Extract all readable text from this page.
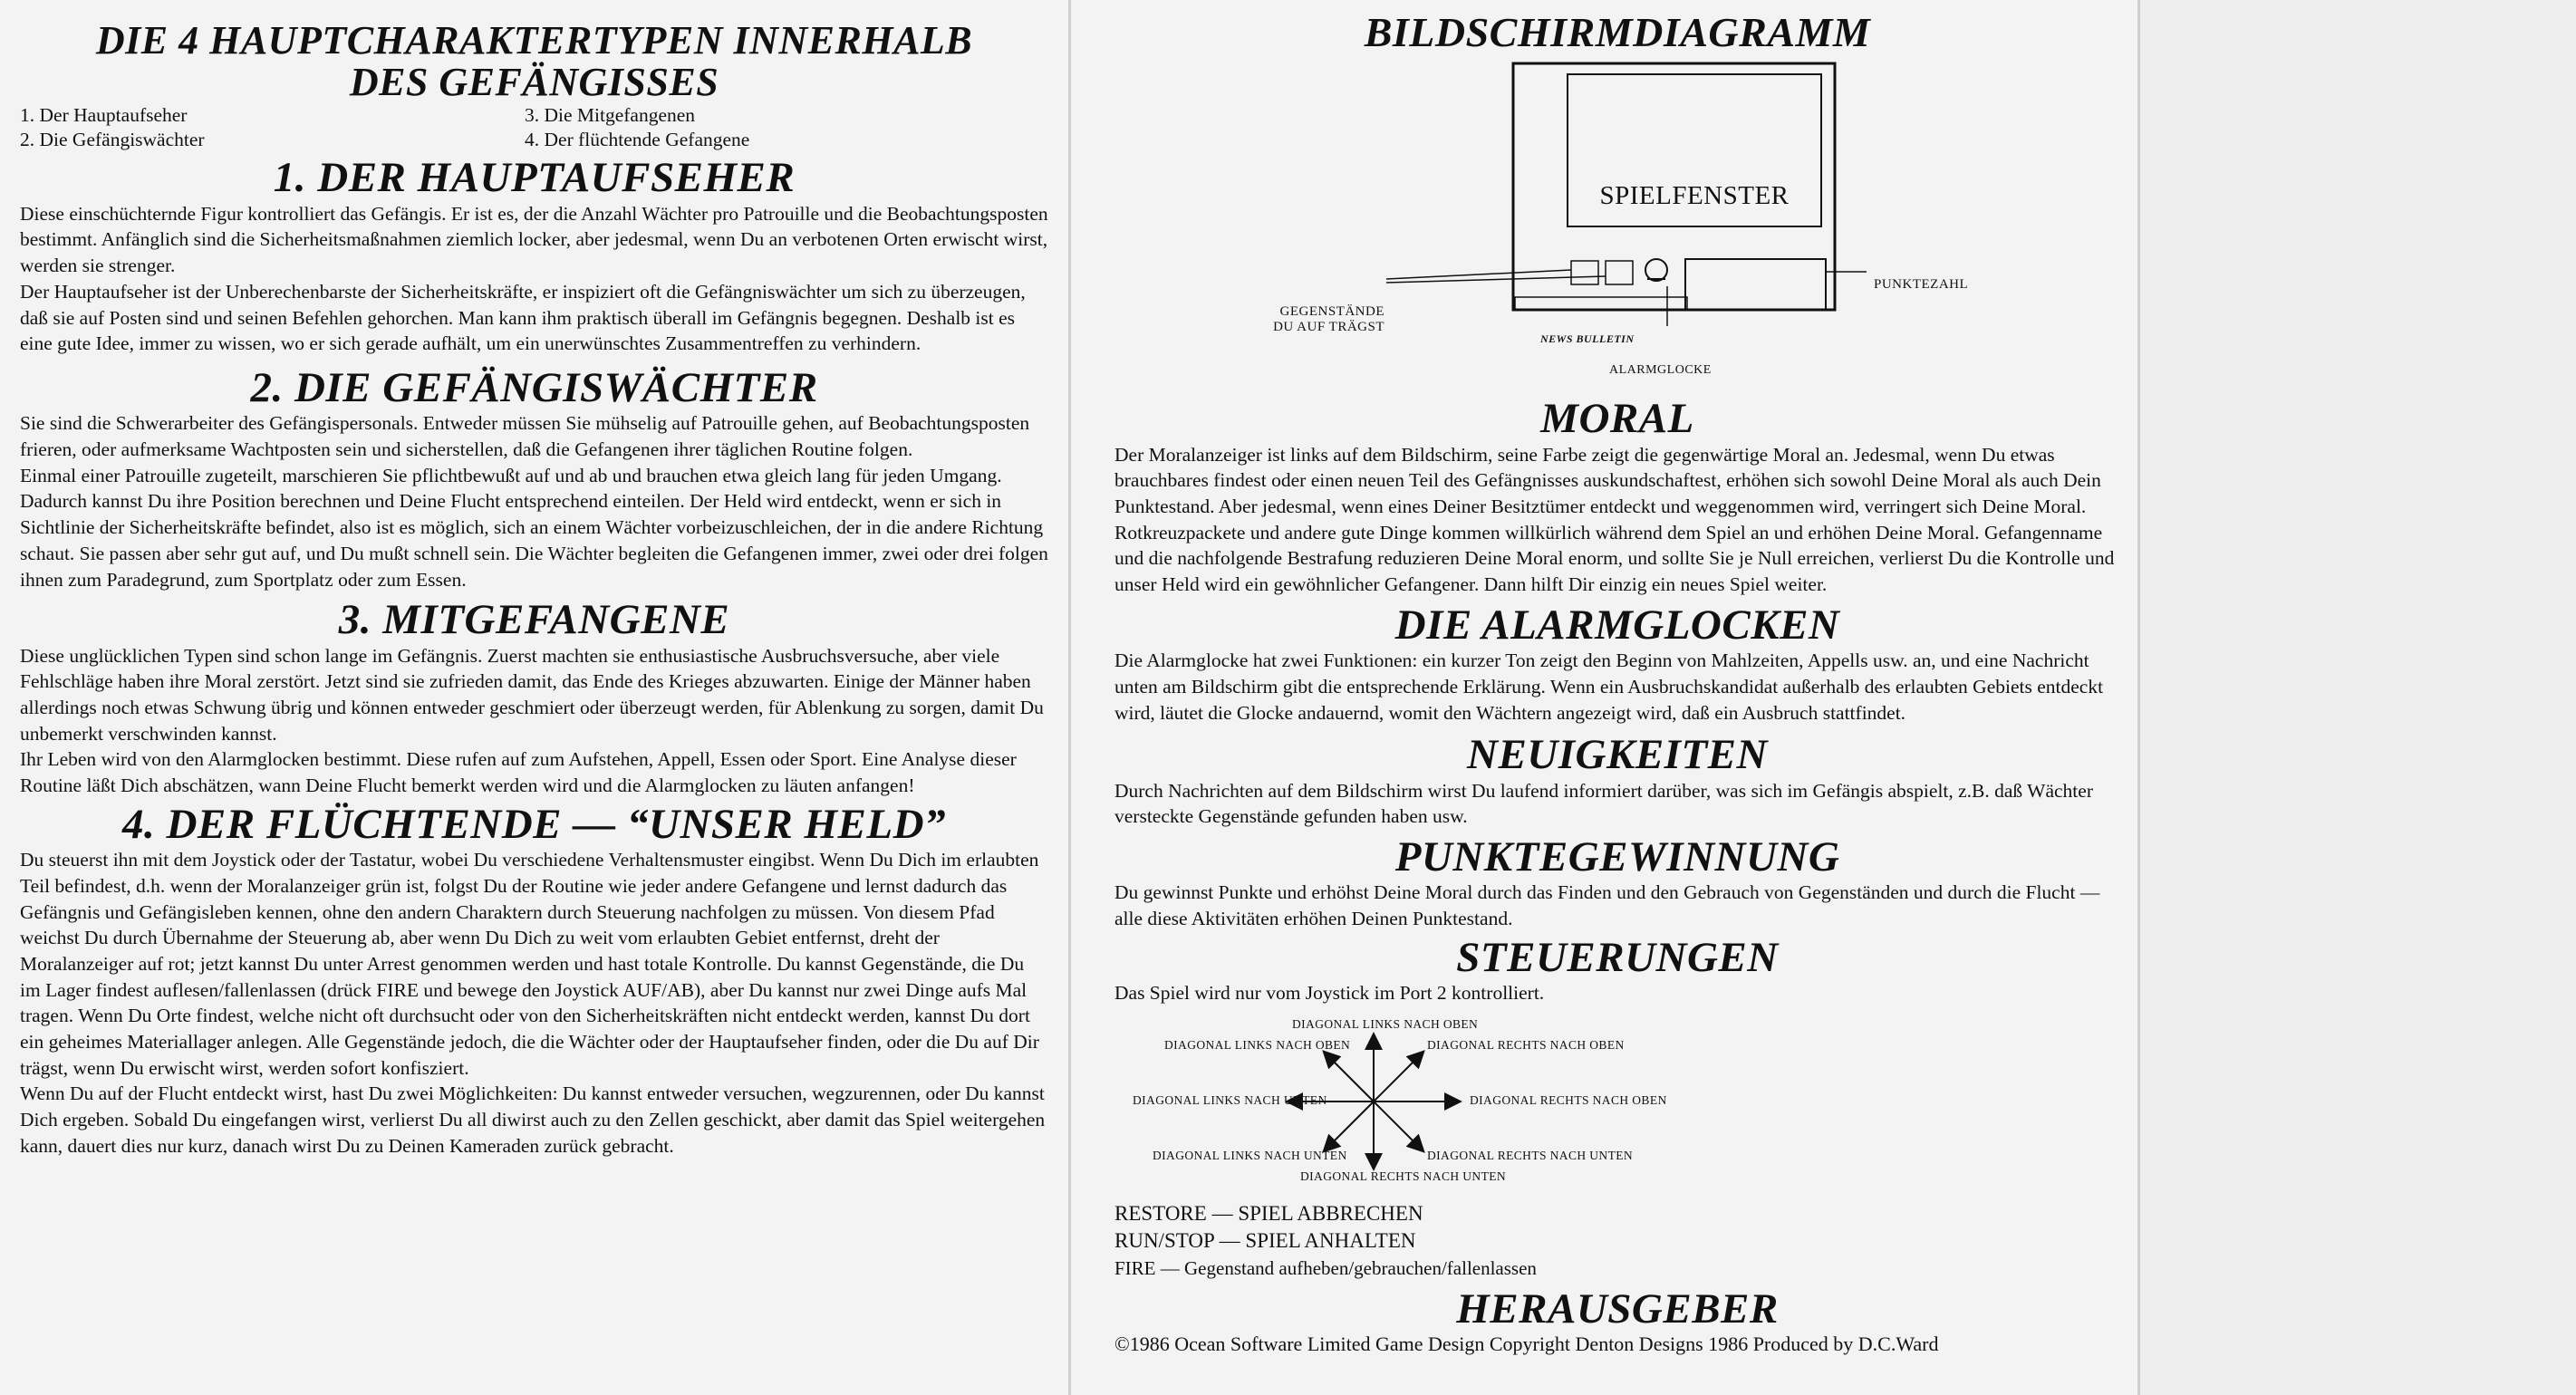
DIE 4 HAUPTCHARAKTERTYPEN INNERHALB
DES GEFÄNGISSES
1. Der Hauptaufseher	3. Die Mitgefangenen
2. Die Gefängiswächter	4. Der flüchtende Gefangene
1. DER HAUPTAUFSEHER

Diese einschüchternde Figur kontrolliert das Gefängis. Er ist es, der die Anzahl Wächter pro Patrouille und die Beobachtungsposten bestimmt. Anfänglich sind die Sicherheitsmaßnahmen ziemlich locker, aber jedesmal, wenn Du an verbotenen Orten erwischt wirst, werden sie strenger.

Der Hauptaufseher ist der Unberechenbarste der Sicherheitskräfte, er inspiziert oft die Gefängniswächter um sich zu überzeugen, daß sie auf Posten sind und seinen Befehlen gehorchen. Man kann ihm praktisch überall im Gefängnis begegnen. Deshalb ist es eine gute Idee, immer zu wissen, wo er sich gerade aufhält, um ein unerwünschtes Zusammentreffen zu verhindern.

2. DIE GEFÄNGISWÄCHTER

Sie sind die Schwerarbeiter des Gefängispersonals. Entweder müssen Sie mühselig auf Patrouille gehen, auf Beobachtungsposten frieren, oder aufmerksame Wachtposten sein und sicherstellen, daß die Gefangenen ihrer täglichen Routine folgen.

Einmal einer Patrouille zugeteilt, marschieren Sie pflichtbewußt auf und ab und brauchen etwa gleich lang für jeden Umgang. Dadurch kannst Du ihre Position berechnen und Deine Flucht entsprechend einteilen. Der Held wird entdeckt, wenn er sich in Sichtlinie der Sicherheitskräfte befindet, also ist es möglich, sich an einem Wächter vorbeizuschleichen, der in die andere Richtung schaut. Sie passen aber sehr gut auf, und Du mußt schnell sein. Die Wächter begleiten die Gefangenen immer, zwei oder drei folgen ihnen zum Paradegrund, zum Sportplatz oder zum Essen.

3. MITGEFANGENE

Diese unglücklichen Typen sind schon lange im Gefängnis. Zuerst machten sie enthusiastische Ausbruchsversuche, aber viele Fehlschläge haben ihre Moral zerstört. Jetzt sind sie zufrieden damit, das Ende des Krieges abzuwarten. Einige der Männer haben allerdings noch etwas Schwung übrig und können entweder geschmiert oder überzeugt werden, für Ablenkung zu sorgen, damit Du unbemerkt verschwinden kannst.

Ihr Leben wird von den Alarmglocken bestimmt. Diese rufen auf zum Aufstehen, Appell, Essen oder Sport. Eine Analyse dieser Routine läßt Dich abschätzen, wann Deine Flucht bemerkt werden wird und die Alarmglocken zu läuten anfangen!

4. DER FLÜCHTENDE — “UNSER HELD”

Du steuerst ihn mit dem Joystick oder der Tastatur, wobei Du verschiedene Verhaltensmuster eingibst. Wenn Du Dich im erlaubten Teil befindest, d.h. wenn der Moralanzeiger grün ist, folgst Du der Routine wie jeder andere Gefangene und lernst dadurch das Gefängnis und Gefängisleben kennen, ohne den andern Charaktern durch Steuerung nachfolgen zu müssen. Von diesem Pfad weichst Du durch Übernahme der Steuerung ab, aber wenn Du Dich zu weit vom erlaubten Gebiet entfernst, dreht der Moralanzeiger auf rot; jetzt kannst Du unter Arrest genommen werden und hast totale Kontrolle. Du kannst Gegenstände, die Du im Lager findest auflesen/fallenlassen (drück FIRE und bewege den Joystick AUF/AB), aber Du kannst nur zwei Dinge aufs Mal tragen. Wenn Du Orte findest, welche nicht oft durchsucht oder von den Sicherheitskräften nicht entdeckt werden, kannst Du dort ein geheimes Materiallager anlegen. Alle Gegenstände jedoch, die die Wächter oder der Hauptaufseher finden, oder die Du auf Dir trägst, wenn Du erwischt wirst, werden sofort konfisziert.

Wenn Du auf der Flucht entdeckt wirst, hast Du zwei Möglichkeiten: Du kannst entweder versuchen, wegzurennen, oder Du kannst Dich ergeben. Sobald Du eingefangen wirst, verlierst Du all diwirst auch zu den Zellen geschickt, aber damit das Spiel weitergehen kann, dauert dies nur kurz, danach wirst Du zu Deinen Kameraden zurück gebracht.

BILDSCHIRMDIAGRAMM
SPIELFENSTER
GEGENSTÄNDE
DU AUF TRÄGST
PUNKTEZAHL
NEWS BULLETIN
ALARMGLOCKE
MORAL

Der Moralanzeiger ist links auf dem Bildschirm, seine Farbe zeigt die gegenwärtige Moral an. Jedesmal, wenn Du etwas brauchbares findest oder einen neuen Teil des Gefängnisses auskundschaftest, erhöhen sich sowohl Deine Moral als auch Dein Punktestand. Aber jedesmal, wenn eines Deiner Besitztümer entdeckt und weggenommen wird, verringert sich Deine Moral. Rotkreuzpackete und andere gute Dinge kommen willkürlich während dem Spiel an und erhöhen Deine Moral. Gefangenname und die nachfolgende Bestrafung reduzieren Deine Moral enorm, und sollte Sie je Null erreichen, verlierst Du die Kontrolle und unser Held wird ein gewöhnlicher Gefangener. Dann hilft Dir einzig ein neues Spiel weiter.

DIE ALARMGLOCKEN

Die Alarmglocke hat zwei Funktionen: ein kurzer Ton zeigt den Beginn von Mahlzeiten, Appells usw. an, und eine Nachricht unten am Bildschirm gibt die entsprechende Erklärung. Wenn ein Ausbruchskandidat außerhalb des erlaubten Gebiets entdeckt wird, läutet die Glocke andauernd, womit den Wächtern angezeigt wird, daß ein Ausbruch stattfindet.

NEUIGKEITEN

Durch Nachrichten auf dem Bildschirm wirst Du laufend informiert darüber, was sich im Gefängis abspielt, z.B. daß Wächter versteckte Gegenstände gefunden haben usw.

PUNKTEGEWINNUNG

Du gewinnst Punkte und erhöhst Deine Moral durch das Finden und den Gebrauch von Gegenständen und durch die Flucht — alle diese Aktivitäten erhöhen Deinen Punktestand.

STEUERUNGEN

Das Spiel wird nur vom Joystick im Port 2 kontrolliert.

DIAGONAL LINKS NACH OBEN
DIAGONAL LINKS NACH OBEN	DIAGONAL RECHTS NACH OBEN
DIAGONAL LINKS NACH UNTEN	DIAGONAL RECHTS NACH OBEN
DIAGONAL LINKS NACH UNTEN	DIAGONAL RECHTS NACH UNTEN
DIAGONAL RECHTS NACH UNTEN

RESTORE — SPIEL ABBRECHEN

RUN/STOP — SPIEL ANHALTEN

FIRE — Gegenstand aufheben/gebrauchen/fallenlassen

HERAUSGEBER

©1986 Ocean Software Limited Game Design Copyright Denton Designs 1986 Produced by D.C.Ward
